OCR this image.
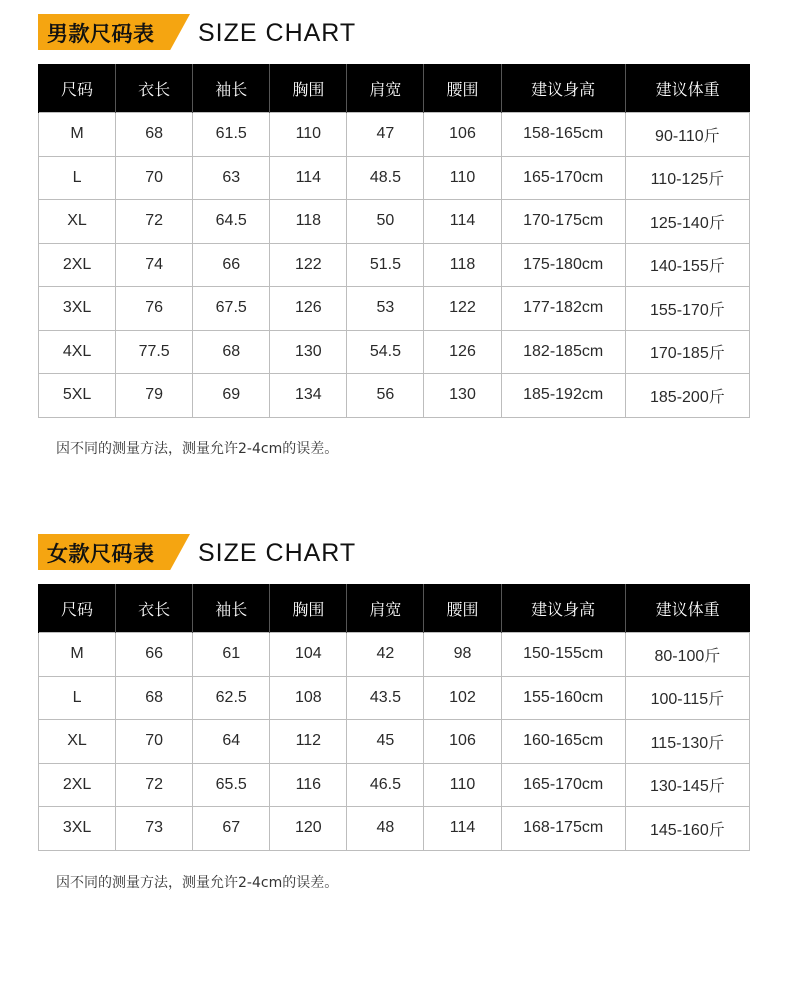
男款尺码表 SIZE CHART
尺码	衣长	袖长	胸围	肩宽	腰围	建议身高	建议体重
M	68	61.5	110	47	106	158-165cm	90-110斤
L	70	63	114	48.5	110	165-170cm	110-125斤
XL	72	64.5	118	50	114	170-175cm	125-140斤
2XL	74	66	122	51.5	118	175-180cm	140-155斤
3XL	76	67.5	126	53	122	177-182cm	155-170斤
4XL	77.5	68	130	54.5	126	182-185cm	170-185斤
5XL	79	69	134	56	130	185-192cm	185-200斤
因不同的测量方法，测量允许2-4cm的误差。
女款尺码表 SIZE CHART
尺码	衣长	袖长	胸围	肩宽	腰围	建议身高	建议体重
M	66	61	104	42	98	150-155cm	80-100斤
L	68	62.5	108	43.5	102	155-160cm	100-115斤
XL	70	64	112	45	106	160-165cm	115-130斤
2XL	72	65.5	116	46.5	110	165-170cm	130-145斤
3XL	73	67	120	48	114	168-175cm	145-160斤
因不同的测量方法，测量允许2-4cm的误差。
